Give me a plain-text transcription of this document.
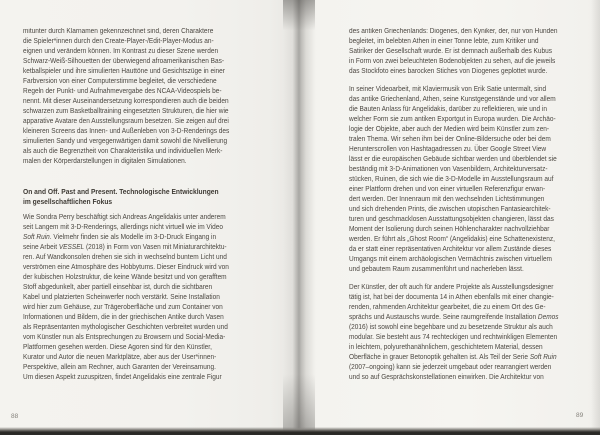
mitunter durch Klarnamen gekennzeichnet sind, deren Charaktere
die Spieler*innen durch den Create-Player-/Edit-Player-Modus an-
eignen und verändern können. Im Kontrast zu dieser Szene werden
Schwarz-Weiß-Silhouetten der überwiegend afroamerikanischen Bas-
ketballspieler und ihre simulierten Hauttöne und Gesichtszüge in einer
Farbversion von einer Computerstimme begleitet, die verschiedene
Regeln der Punkt- und Aufnahmevergabe des NCAA-Videospiels be-
nennt. Mit dieser Auseinandersetzung korrespondieren auch die beiden
schwarzen zum Basketballtraining eingesetzten Strukturen, die hier wie
apparative Avatare den Ausstellungsraum besetzen. Sie zeigen auf drei
kleineren Screens das Innen- und Außenleben von 3-D-Renderings des
simulierten Sandy und vergegenwärtigen damit sowohl die Nivellierung
als auch die Begrenztheit von Charakteristika und individuellen Merk-
malen der Körperdarstellungen in digitalen Simulationen.
On and Off. Past and Present. Technologische Entwicklungen
im gesellschaftlichen Fokus
Wie Sondra Perry beschäftigt sich Andreas Angelidakis unter anderem
seit Langem mit 3-D-Renderings, allerdings nicht virtuell wie im Video
Soft Ruin. Vielmehr finden sie als Modelle im 3-D-Druck Eingang in
seine Arbeit VESSEL (2018) in Form von Vasen mit Miniaturarchitektu-
ren. Auf Wandkonsolen drehen sie sich in wechselnd buntem Licht und
verströmen eine Atmosphäre des Hobbytums. Dieser Eindruck wird von
der kubischen Holzstruktur, die keine Wände besitzt und von gerafftem
Stoff abgedunkelt, aber partiell einsehbar ist, durch die sichtbaren
Kabel und platzierten Scheinwerfer noch verstärkt. Seine Installation
wird hier zum Gehäuse, zur Trägeroberfläche und zum Container von
Informationen und Bildern, die in der griechischen Antike durch Vasen
als Repräsentanten mythologischer Geschichten verbreitet wurden und
vom Künstler nun als Entsprechungen zu Browsern und Social-Media-
Plattformen gesehen werden. Diese Agoren sind für den Künstler,
Kurator und Autor die neuen Marktplätze, aber aus der User*innen-
Perspektive, allein am Rechner, auch Garanten der Vereinsamung.
Um diesen Aspekt zuzuspitzen, findet Angelidakis eine zentrale Figur
des antiken Griechenlands: Diogenes, den Kyniker, der, nur von Hunden
begleitet, im belebten Athen in einer Tonne lebte, zum Kritiker und
Satiriker der Gesellschaft wurde. Er ist demnach außerhalb des Kubus
in Form von zwei beleuchteten Bodenobjekten zu sehen, auf die jeweils
das Stockfoto eines barocken Stiches von Diogenes geplottet wurde.
In seiner Videoarbeit, mit Klaviermusik von Erik Satie untermalt, sind
das antike Griechenland, Athen, seine Kunstgegenstände und vor allem
die Bauten Anlass für Angelidakis, darüber zu reflektieren, wie und in
welcher Form sie zum antiken Exportgut in Europa wurden. Die Archäo-
logie der Objekte, aber auch der Medien wird beim Künstler zum zen-
tralen Thema. Wir sehen ihm bei der Online-Bildersuche oder bei dem
Herunterscrollen von Hashtagadressen zu. Über Google Street View
lässt er die europäischen Gebäude sichtbar werden und überblendet sie
beständig mit 3-D-Animationen von Vasenbildern, Architekturversatz-
stücken, Ruinen, die sich wie die 3-D-Modelle im Ausstellungsraum auf
einer Plattform drehen und von einer virtuellen Referenzfigur erwan-
dert werden. Der Innenraum mit den wechselnden Lichtstimmungen
und sich drehenden Prints, die zwischen utopischen Fantasiearchitek-
turen und geschmacklosen Ausstattungsobjekten changieren, lässt das
Moment der Isolierung durch seinen Höhlencharakter nachvollziehbar
werden. Er führt als „Ghost Room“ (Angelidakis) eine Schattenexistenz,
da er statt einer repräsentativen Architektur vor allem Zustände dieses
Umgangs mit einem archäologischen Vermächtnis zwischen virtuellem
und gebautem Raum zusammenführt und nacherleben lässt.
Der Künstler, der oft auch für andere Projekte als Ausstellungsdesigner
tätig ist, hat bei der documenta 14 in Athen ebenfalls mit einer changie-
renden, rahmenden Architektur gearbeitet, die zu einem Ort des Ge-
sprächs und Austauschs wurde. Seine raumgreifende Installation Demos
(2016) ist sowohl eine begehbare und zu besetzende Struktur als auch
modular. Sie besteht aus 74 rechteckigen und rechtwinkligen Elementen
in leichtem, polyurethanähnlichem, geschichtetem Material, dessen
Oberfläche in grauer Betonoptik gehalten ist. Als Teil der Serie Soft Ruin
(2007–ongoing) kann sie jederzeit umgebaut oder rearrangiert werden
und so auf Gesprächskonstellationen einwirken. Die Architektur von
88	89
